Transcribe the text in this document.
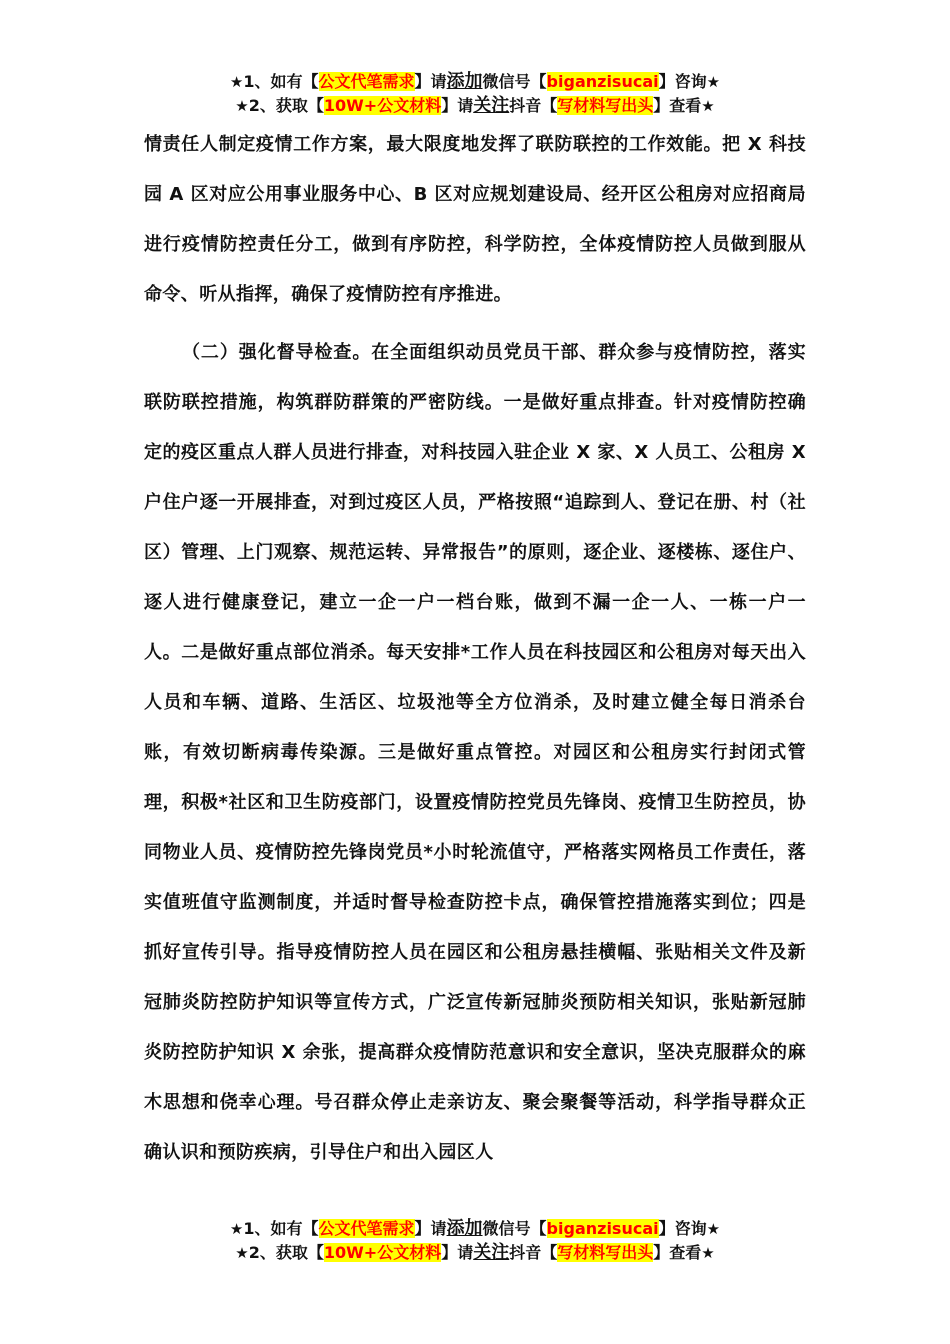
★1、如有【公文代笔需求】请添加微信号【biganzisucai】咨询★
★2、获取【10W+公文材料】请关注抖音【写材料写出头】查看★

情责任人制定疫情工作方案，最大限度地发挥了联防联控的工作效能。把 X 科技园 A 区对应公用事业服务中心、B 区对应规划建设局、经开区公租房对应招商局进行疫情防控责任分工，做到有序防控，科学防控，全体疫情防控人员做到服从命令、听从指挥，确保了疫情防控有序推进。

（二）强化督导检查。在全面组织动员党员干部、群众参与疫情防控，落实联防联控措施，构筑群防群策的严密防线。一是做好重点排查。针对疫情防控确定的疫区重点人群人员进行排查，对科技园入驻企业 X 家、X 人员工、公租房 X 户住户逐一开展排查，对到过疫区人员，严格按照“追踪到人、登记在册、村（社区）管理、上门观察、规范运转、异常报告”的原则，逐企业、逐楼栋、逐住户、逐人进行健康登记，建立一企一户一档台账，做到不漏一企一人、一栋一户一人。二是做好重点部位消杀。每天安排*工作人员在科技园区和公租房对每天出入人员和车辆、道路、生活区、垃圾池等全方位消杀，及时建立健全每日消杀台账，有效切断病毒传染源。三是做好重点管控。对园区和公租房实行封闭式管理，积极*社区和卫生防疫部门，设置疫情防控党员先锋岗、疫情卫生防控员，协同物业人员、疫情防控先锋岗党员*小时轮流值守，严格落实网格员工作责任，落实值班值守监测制度，并适时督导检查防控卡点，确保管控措施落实到位；四是抓好宣传引导。指导疫情防控人员在园区和公租房悬挂横幅、张贴相关文件及新冠肺炎防控防护知识等宣传方式，广泛宣传新冠肺炎预防相关知识，张贴新冠肺炎防控防护知识 X 余张，提高群众疫情防范意识和安全意识，坚决克服群众的麻木思想和侥幸心理。号召群众停止走亲访友、聚会聚餐等活动，科学指导群众正确认识和预防疾病，引导住户和出入园区人

★1、如有【公文代笔需求】请添加微信号【biganzisucai】咨询★
★2、获取【10W+公文材料】请关注抖音【写材料写出头】查看★
